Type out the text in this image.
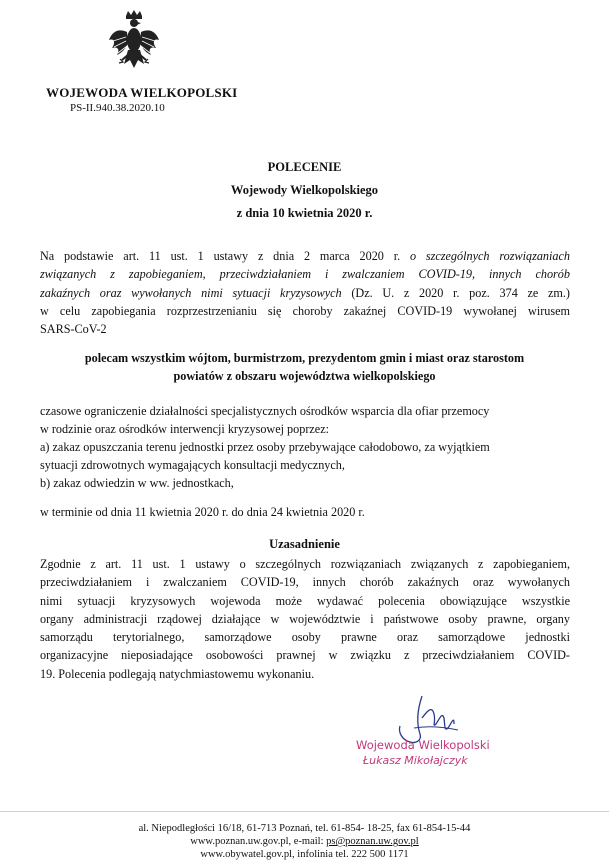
WOJEWODA WIELKOPOLSKI
PS-II.940.38.2020.10
POLECENIE
Wojewody Wielkopolskiego
z dnia 10 kwietnia 2020 r.
Na podstawie art. 11 ust. 1 ustawy z dnia 2 marca 2020 r. o szczególnych rozwiązaniach
związanych z zapobieganiem, przeciwdziałaniem i zwalczaniem COVID-19, innych chorób
zakaźnych oraz wywołanych nimi sytuacji kryzysowych (Dz. U. z 2020 r. poz. 374 ze zm.)
w celu zapobiegania rozprzestrzenianiu się choroby zakaźnej COVID-19 wywołanej wirusem
SARS-CoV-2
polecam wszystkim wójtom, burmistrzom, prezydentom gmin i miast oraz starostom
powiatów z obszaru województwa wielkopolskiego
czasowe ograniczenie działalności specjalistycznych ośrodków wsparcia dla ofiar przemocy
w rodzinie oraz ośrodków interwencji kryzysowej poprzez:
a) zakaz opuszczania terenu jednostki przez osoby przebywające całodobowo, za wyjątkiem
sytuacji zdrowotnych wymagających konsultacji medycznych,
b) zakaz odwiedzin w ww. jednostkach,
w terminie od dnia 11 kwietnia 2020 r. do dnia 24 kwietnia 2020 r.
Uzasadnienie
Zgodnie z art. 11 ust. 1 ustawy o szczególnych rozwiązaniach związanych z zapobieganiem,
przeciwdziałaniem i zwalczaniem COVID-19, innych chorób zakaźnych oraz wywołanych
nimi sytuacji kryzysowych wojewoda może wydawać polecenia obowiązujące wszystkie
organy administracji rządowej działające w województwie i państwowe osoby prawne, organy
samorządu terytorialnego, samorządowe osoby prawne oraz samorządowe jednostki
organizacyjne nieposiadające osobowości prawnej w związku z przeciwdziałaniem COVID-
19. Polecenia podlegają natychmiastowemu wykonaniu.
Wojewoda Wielkopolski
Łukasz Mikołajczyk
al. Niepodległości 16/18, 61-713 Poznań, tel. 61-854- 18-25, fax 61-854-15-44
www.poznan.uw.gov.pl, e-mail: ps@poznan.uw.gov.pl
www.obywatel.gov.pl, infolinia tel. 222 500 1171
